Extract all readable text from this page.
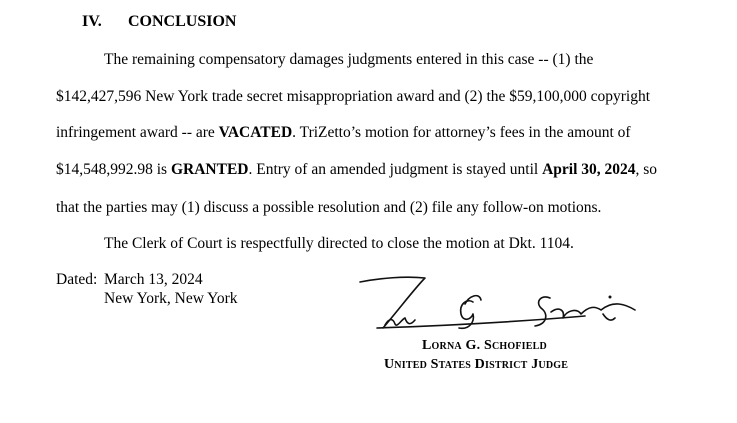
IV. CONCLUSION
The remaining compensatory damages judgments entered in this case -- (1) the
$142,427,596 New York trade secret misappropriation award and (2) the $59,100,000 copyright
infringement award -- are VACATED. TriZetto’s motion for attorney’s fees in the amount of
$14,548,992.98 is GRANTED. Entry of an amended judgment is stayed until April 30, 2024, so
that the parties may (1) discuss a possible resolution and (2) file any follow-on motions.
The Clerk of Court is respectfully directed to close the motion at Dkt. 1104.
Dated: March 13, 2024
New York, New York
Lorna G. Schofield
United States District Judge
